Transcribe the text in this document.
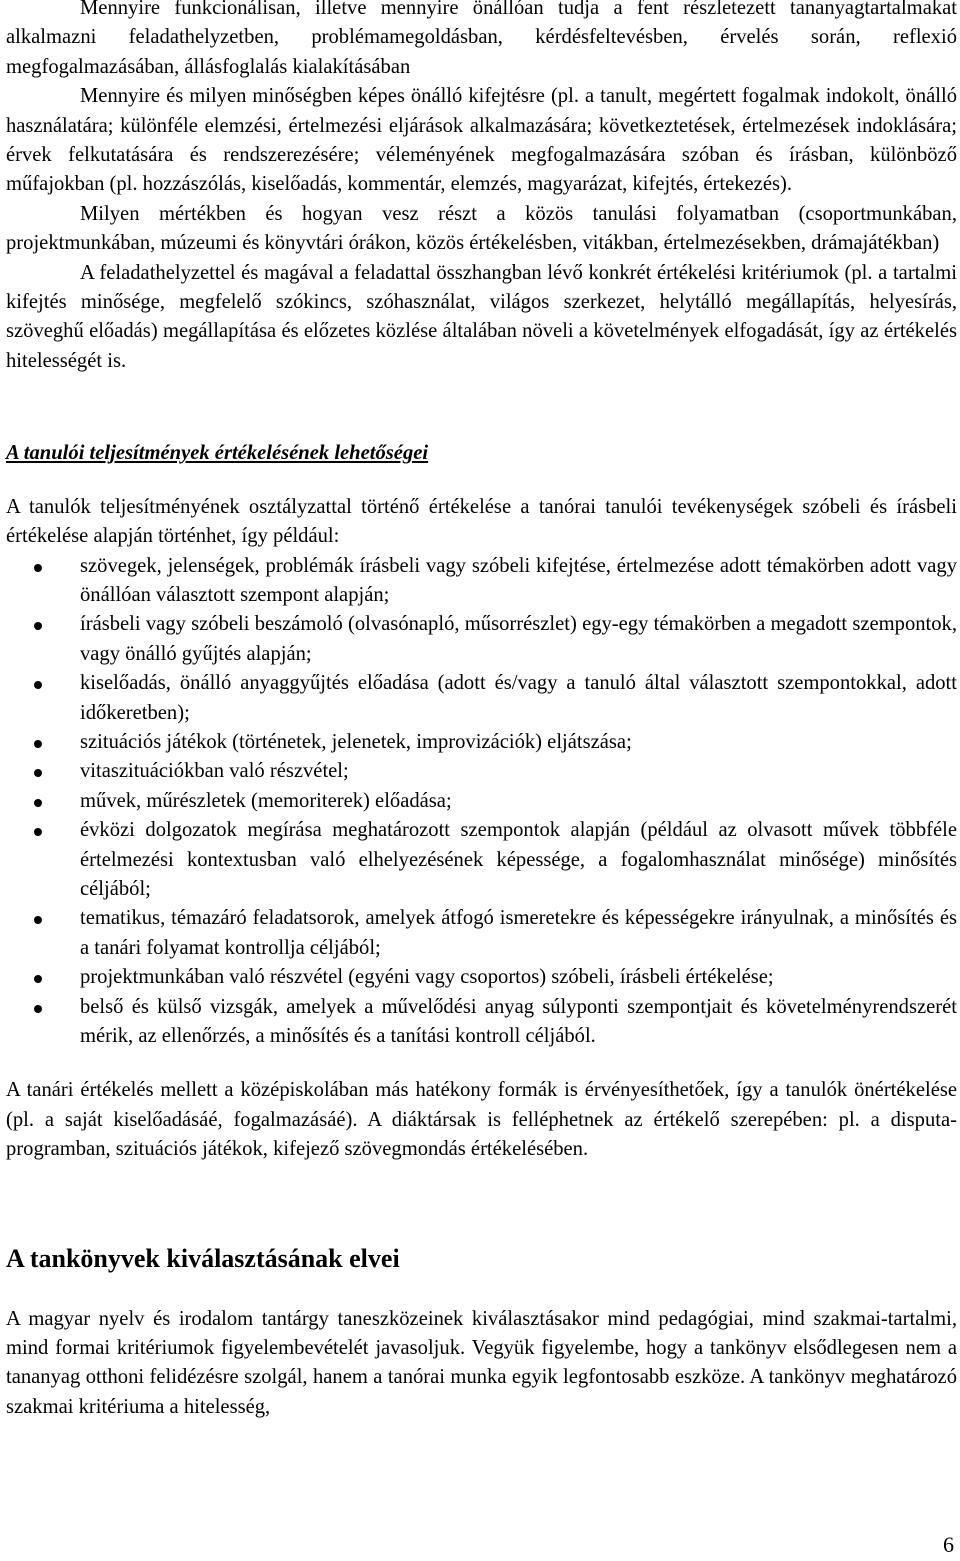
Mennyire funkcionálisan, illetve mennyire önállóan tudja a fent részletezett tananyagtartalmakat alkalmazni feladathelyzetben, problémamegoldásban, kérdésfeltevésben, érvelés során, reflexió megfogalmazásában, állásfoglalás kialakításában

Mennyire és milyen minőségben képes önálló kifejtésre (pl. a tanult, megértett fogalmak indokolt, önálló használatára; különféle elemzési, értelmezési eljárások alkalmazására; következtetések, értelmezések indoklására; érvek felkutatására és rendszerezésére; véleményének megfogalmazására szóban és írásban, különböző műfajokban (pl. hozzászólás, kiselőadás, kommentár, elemzés, magyarázat, kifejtés, értekezés).

Milyen mértékben és hogyan vesz részt a közös tanulási folyamatban (csoportmunkában, projektmunkában, múzeumi és könyvtári órákon, közös értékelésben, vitákban, értelmezésekben, drámajátékban)

A feladathelyzettel és magával a feladattal összhangban lévő konkrét értékelési kritériumok (pl. a tartalmi kifejtés minősége, megfelelő szókincs, szóhasználat, világos szerkezet, helytálló megállapítás, helyesírás, szöveghű előadás) megállapítása és előzetes közlése általában növeli a követelmények elfogadását, így az értékelés hitelességét is.

A tanulói teljesítmények értékelésének lehetőségei

A tanulók teljesítményének osztályzattal történő értékelése a tanórai tanulói tevékenységek szóbeli és írásbeli értékelése alapján történhet, így például:

szövegek, jelenségek, problémák írásbeli vagy szóbeli kifejtése, értelmezése adott témakörben adott vagy önállóan választott szempont alapján;
írásbeli vagy szóbeli beszámoló (olvasónapló, műsorrészlet) egy-egy témakörben a megadott szempontok, vagy önálló gyűjtés alapján;
kiselőadás, önálló anyaggyűjtés előadása (adott és/vagy a tanuló által választott szempontokkal, adott időkeretben);
szituációs játékok (történetek, jelenetek, improvizációk) eljátszása;
vitaszituációkban való részvétel;
művek, műrészletek (memoriterek) előadása;
évközi dolgozatok megírása meghatározott szempontok alapján (például az olvasott művek többféle értelmezési kontextusban való elhelyezésének képessége, a fogalomhasználat minősége) minősítés céljából;
tematikus, témazáró feladatsorok, amelyek átfogó ismeretekre és képességekre irányulnak, a minősítés és a tanári folyamat kontrollja céljából;
projektmunkában való részvétel (egyéni vagy csoportos) szóbeli, írásbeli értékelése;
belső és külső vizsgák, amelyek a művelődési anyag súlyponti szempontjait és követelményrendszerét mérik, az ellenőrzés, a minősítés és a tanítási kontroll céljából.

A tanári értékelés mellett a középiskolában más hatékony formák is érvényesíthetőek, így a tanulók önértékelése (pl. a saját kiselőadásáé, fogalmazásáé). A diáktársak is felléphetnek az értékelő szerepében: pl. a disputa-programban, szituációs játékok, kifejező szövegmondás értékelésében.

A tankönyvek kiválasztásának elvei

A magyar nyelv és irodalom tantárgy taneszközeinek kiválasztásakor mind pedagógiai, mind szakmai-tartalmi, mind formai kritériumok figyelembevételét javasoljuk. Vegyük figyelembe, hogy a tankönyv elsődlegesen nem a tananyag otthoni felidézésre szolgál, hanem a tanórai munka egyik legfontosabb eszköze. A tankönyv meghatározó szakmai kritériuma a hitelesség,

6
